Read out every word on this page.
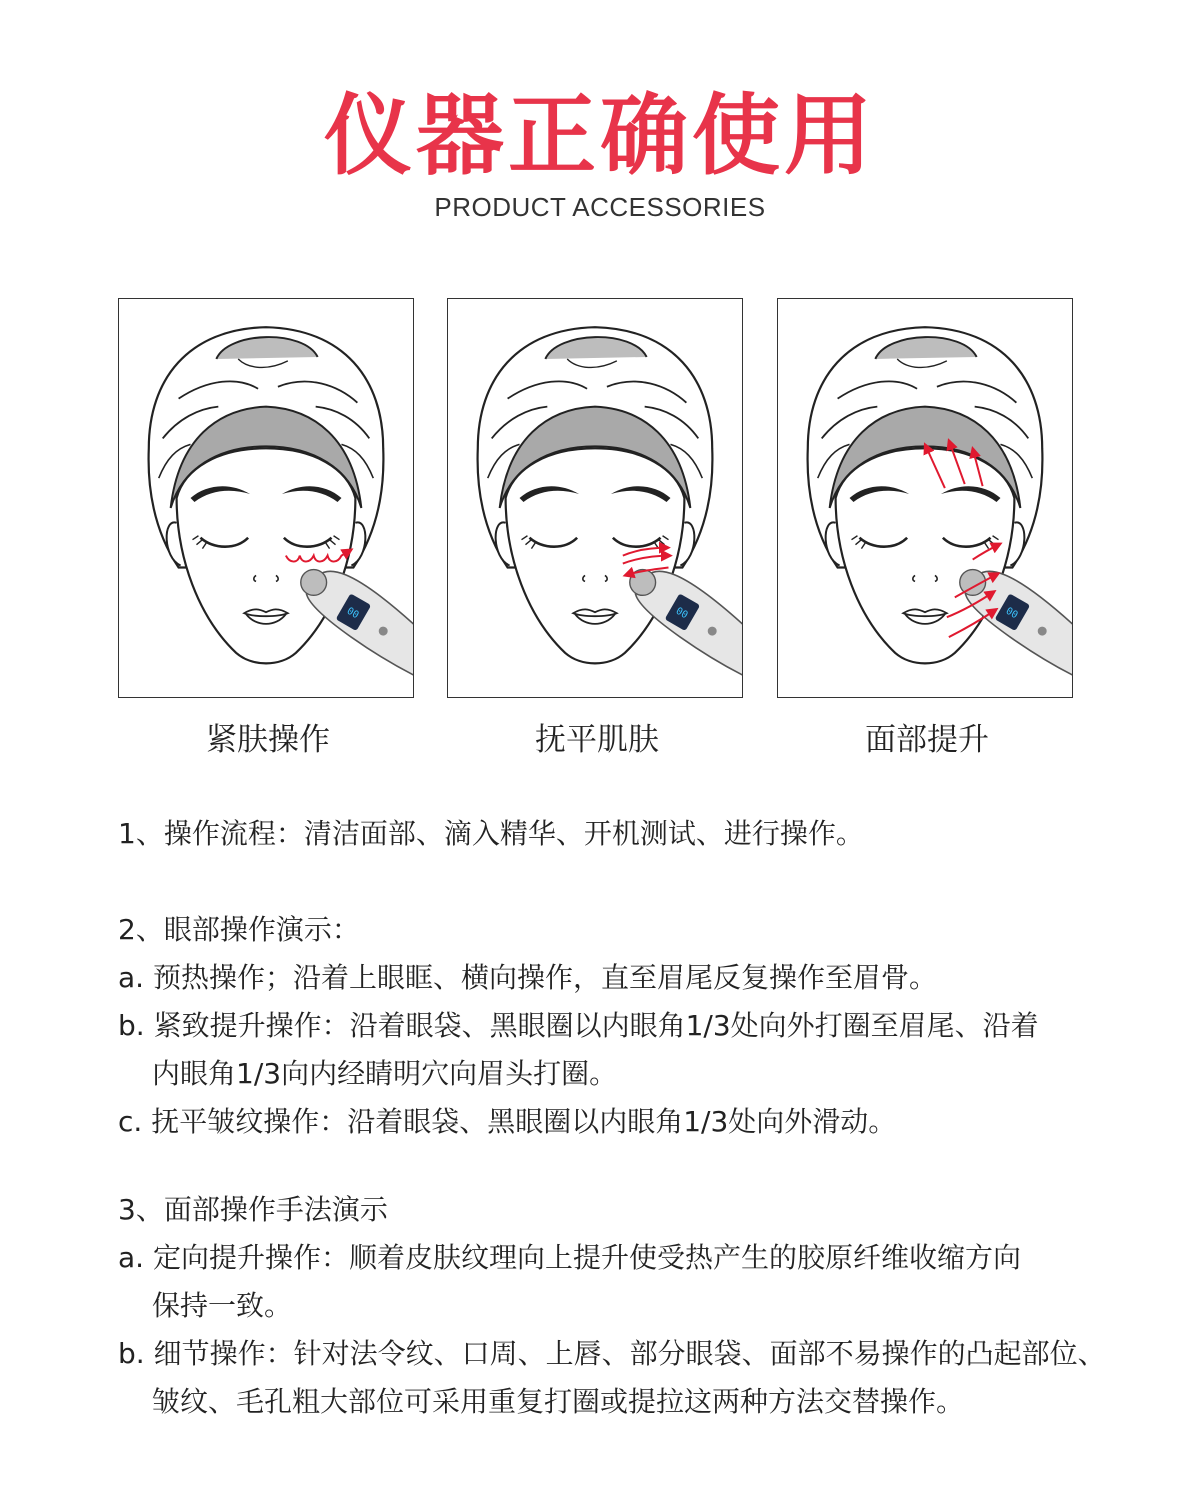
仪器正确使用
PRODUCT ACCESSORIES
00	00	00
紧肤操作	抚平肌肤	面部提升
1、操作流程：清洁面部、滴入精华、开机测试、进行操作。
2、眼部操作演示：
a. 预热操作；沿着上眼眶、横向操作，直至眉尾反复操作至眉骨。
b. 紧致提升操作：沿着眼袋、黑眼圈以内眼角1/3处向外打圈至眉尾、沿着
内眼角1/3向内经睛明穴向眉头打圈。
c. 抚平皱纹操作：沿着眼袋、黑眼圈以内眼角1/3处向外滑动。
3、面部操作手法演示
a. 定向提升操作：顺着皮肤纹理向上提升使受热产生的胶原纤维收缩方向
保持一致。
b. 细节操作：针对法令纹、口周、上唇、部分眼袋、面部不易操作的凸起部位、
皱纹、毛孔粗大部位可采用重复打圈或提拉这两种方法交替操作。
